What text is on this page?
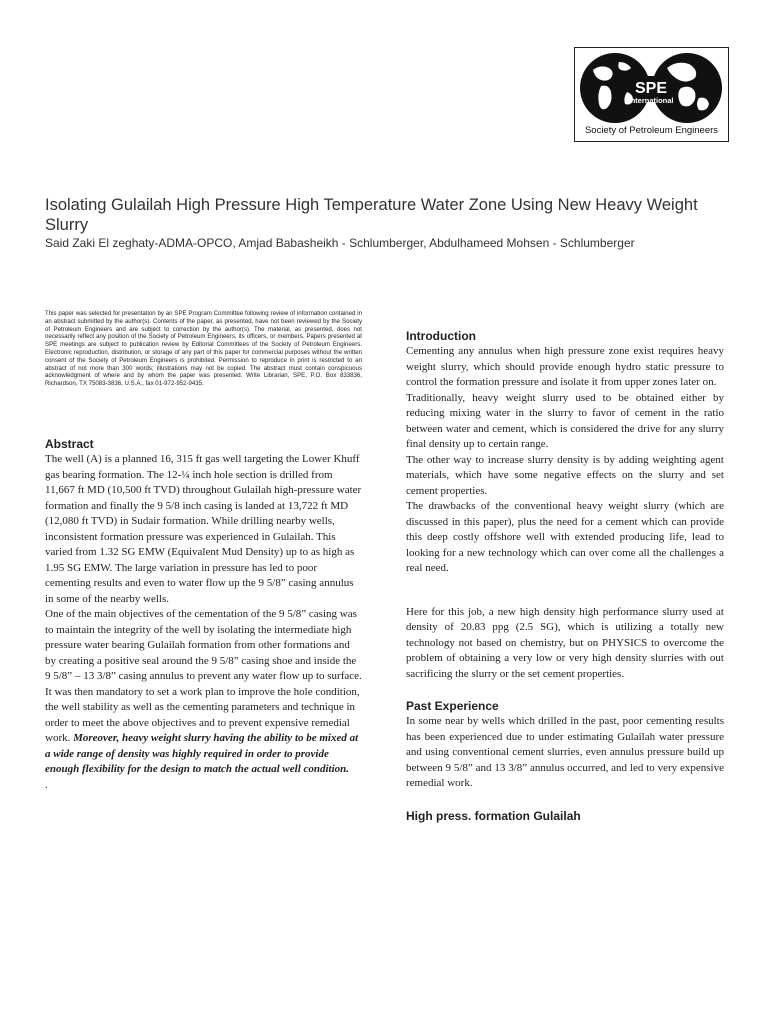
SPE
International
Society of Petroleum Engineers
Isolating Gulailah High Pressure High Temperature Water Zone Using New Heavy Weight Slurry
Said Zaki El zeghaty-ADMA-OPCO, Amjad Babasheikh - Schlumberger, Abdulhameed Mohsen - Schlumberger
This paper was selected for presentation by an SPE Program Committee following review of information contained in an abstract submitted by the author(s). Contents of the paper, as presented, have not been reviewed by the Society of Petroleum Engineers and are subject to correction by the author(s). The material, as presented, does not necessarily reflect any position of the Society of Petroleum Engineers, its officers, or members. Papers presented at SPE meetings are subject to publication review by Editorial Committees of the Society of Petroleum Engineers. Electronic reproduction, distribution, or storage of any part of this paper for commercial purposes without the written consent of the Society of Petroleum Engineers is prohibited. Permission to reproduce in print is restricted to an abstract of not more than 300 words; illustrations may not be copied. The abstract must contain conspicuous acknowledgment of where and by whom the paper was presented. Write Librarian, SPE, P.O. Box 833836, Richardson, TX 75083-3836, U.S.A., fax 01-972-952-9435.
Abstract

The well (A) is a planned 16, 315 ft gas well targeting the Lower Khuff gas bearing formation. The 12-¼ inch hole section is drilled from 11,667 ft MD (10,500 ft TVD) throughout Gulailah high-pressure water formation and finally the 9 5/8 inch casing is landed at 13,722 ft MD (12,080 ft TVD) in Sudair formation. While drilling nearby wells, inconsistent formation pressure was experienced in Gulailah. This varied from 1.32 SG EMW (Equivalent Mud Density) up to as high as 1.95 SG EMW. The large variation in pressure has led to poor cementing results and even to water flow up the 9 5/8” casing annulus in some of the nearby wells.

One of the main objectives of the cementation of the 9 5/8” casing was to maintain the integrity of the well by isolating the intermediate high pressure water bearing Gulailah formation from other formations and by creating a positive seal around the 9 5/8” casing shoe and inside the 9 5/8” – 13 3/8” casing annulus to prevent any water flow up to surface.

It was then mandatory to set a work plan to improve the hole condition, the well stability as well as the cementing parameters and technique in order to meet the above objectives and to prevent expensive remedial work. Moreover, heavy weight slurry having the ability to be mixed at a wide range of density was highly required in order to provide enough flexibility for the design to match the actual well condition.

.

Introduction

Cementing any annulus when high pressure zone exist requires heavy weight slurry, which should provide enough hydro static pressure to control the formation pressure and isolate it from upper zones later on.

Traditionally, heavy weight slurry used to be obtained either by reducing mixing water in the slurry to favor of cement in the ratio between water and cement, which is considered the drive for any slurry final density up to certain range.

The other way to increase slurry density is by adding weighting agent materials, which have some negative effects on the slurry and set cement properties.

The drawbacks of the conventional heavy weight slurry (which are discussed in this paper), plus the need for a cement which can provide this deep costly offshore well with extended producing life, lead to looking for a new technology which can over come all the challenges a real need.

Here for this job, a new high density high performance slurry used at density of 20.83 ppg (2.5 SG), which is utilizing a totally new technology not based on chemistry, but on PHYSICS to overcome the problem of obtaining a very low or very high density slurries with out sacrificing the slurry or the set cement properties.

Past Experience

In some near by wells which drilled in the past, poor cementing results has been experienced due to under estimating Gulailah water pressure and using conventional cement slurries, even annulus pressure build up between 9 5/8” and 13 3/8” annulus occurred, and led to very expensive remedial work.

High press. formation Gulailah
